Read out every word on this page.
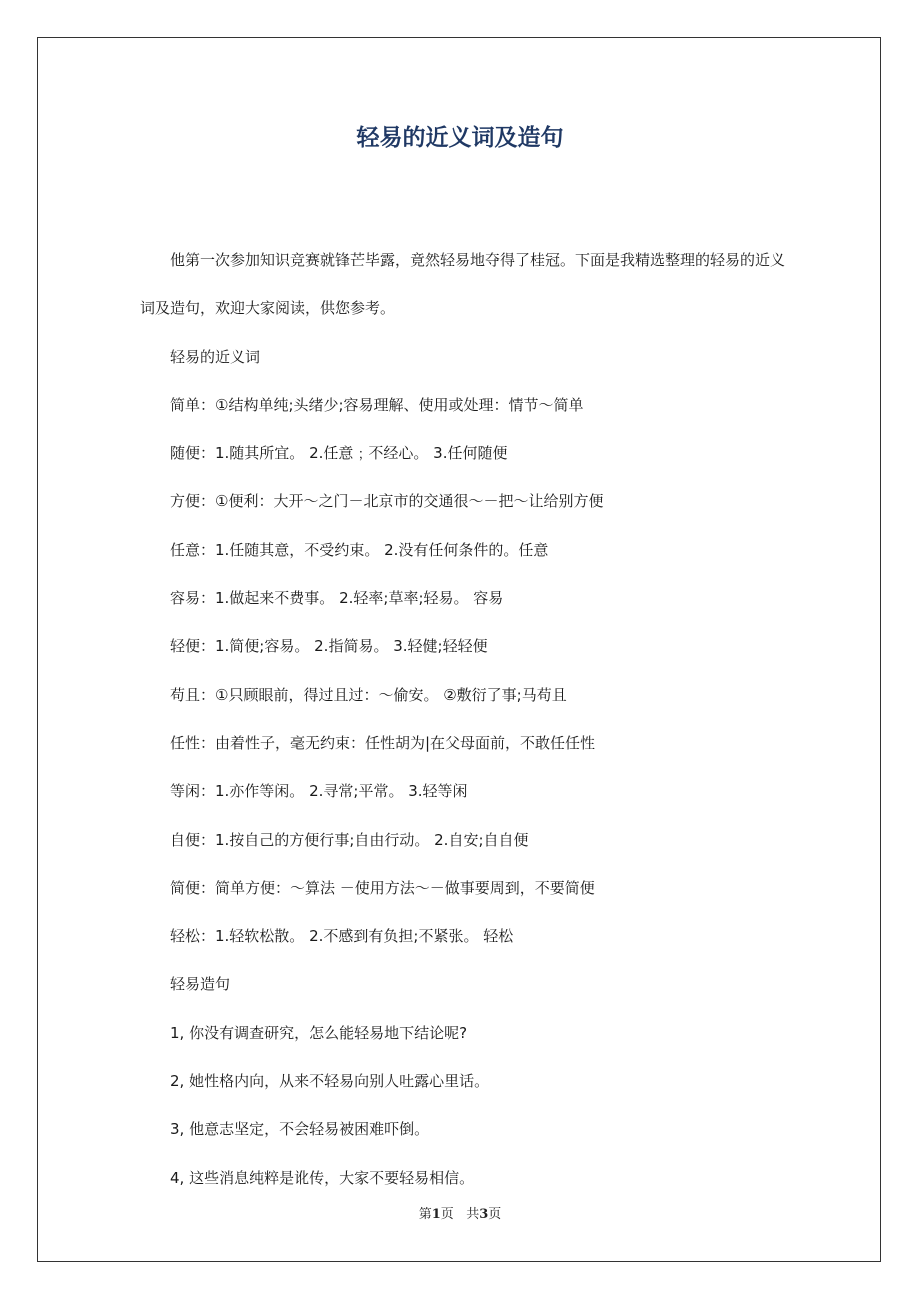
轻易的近义词及造句

他第一次参加知识竞赛就锋芒毕露，竟然轻易地夺得了桂冠。下面是我精选整理的轻易的近义词及造句，欢迎大家阅读，供您参考。

轻易的近义词

简单：①结构单纯;头绪少;容易理解、使用或处理：情节～简单

随便：1.随其所宜。 2.任意﹔不经心。 3.任何随便

方便：①便利：大开～之门－北京市的交通很～－把～让给别方便

任意：1.任随其意，不受约束。 2.没有任何条件的。任意

容易：1.做起来不费事。 2.轻率;草率;轻易。 容易

轻便：1.简便;容易。 2.指简易。 3.轻健;轻轻便

苟且：①只顾眼前，得过且过：～偷安。 ②敷衍了事;马苟且

任性：由着性子，毫无约束：任性胡为|在父母面前，不敢任任性

等闲：1.亦作等闲。 2.寻常;平常。 3.轻等闲

自便：1.按自己的方便行事;自由行动。 2.自安;自自便

简便：简单方便：～算法 －使用方法～－做事要周到，不要简便

轻松：1.轻软松散。 2.不感到有负担;不紧张。 轻松

轻易造句

1, 你没有调查研究，怎么能轻易地下结论呢?

2, 她性格内向，从来不轻易向别人吐露心里话。

3, 他意志坚定，不会轻易被困难吓倒。

4, 这些消息纯粹是讹传，大家不要轻易相信。

第1页 共3页
